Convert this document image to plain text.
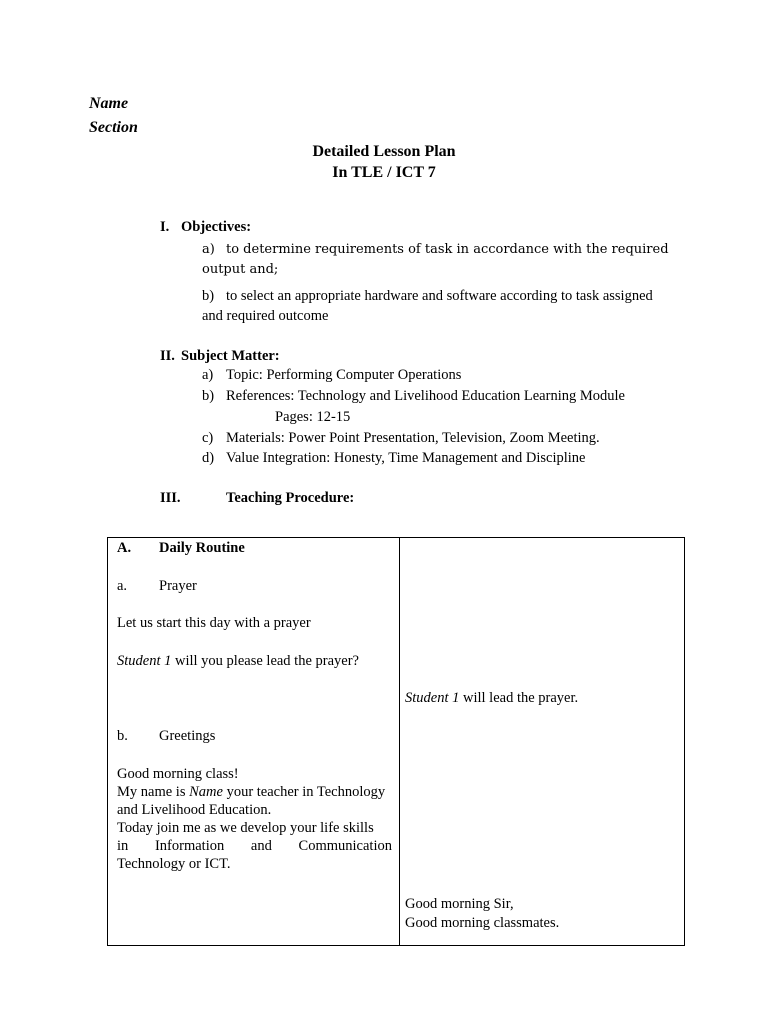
Name
Section
Detailed Lesson Plan
In TLE / ICT 7
I. Objectives:
a) to determine requirements of task in accordance with the required
output and;
b) to select an appropriate hardware and software according to task assigned
and required outcome
II. Subject Matter:
a) Topic: Performing Computer Operations
b) References: Technology and Livelihood Education Learning Module
Pages: 12-15
c) Materials: Power Point Presentation, Television, Zoom Meeting.
d) Value Integration: Honesty, Time Management and Discipline
III.	Teaching Procedure:
A. Daily Routine
a. Prayer
Let us start this day with a prayer
Student 1 will you please lead the prayer?
Student 1 will lead the prayer.
b. Greetings
Good morning class!
My name is Name your teacher in Technology
and Livelihood Education.
Today join me as we develop your life skills
in Information and Communication
Technology or ICT.
Good morning Sir,
Good morning classmates.
